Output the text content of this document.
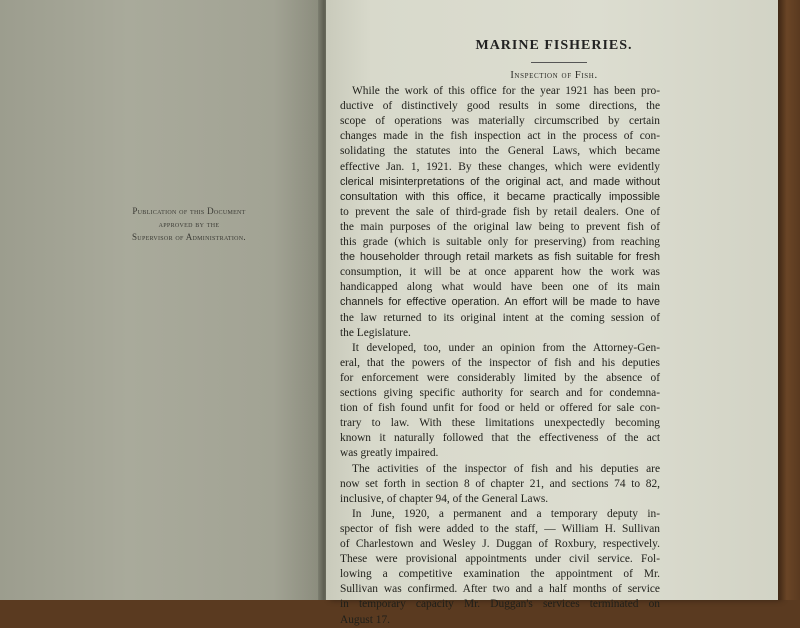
Publication of this Document
approved by the
Supervisor of Administration.
MARINE FISHERIES.
Inspection of Fish.
While the work of this office for the year 1921 has been pro-
ductive of distinctively good results in some directions, the
scope of operations was materially circumscribed by certain
changes made in the fish inspection act in the process of con-
solidating the statutes into the General Laws, which became
effective Jan. 1, 1921. By these changes, which were evidently
clerical misinterpretations of the original act, and made without
consultation with this office, it became practically impossible
to prevent the sale of third-grade fish by retail dealers. One of
the main purposes of the original law being to prevent fish of
this grade (which is suitable only for preserving) from reaching
the householder through retail markets as fish suitable for fresh
consumption, it will be at once apparent how the work was
handicapped along what would have been one of its main
channels for effective operation. An effort will be made to have
the law returned to its original intent at the coming session of
the Legislature.
It developed, too, under an opinion from the Attorney-Gen-
eral, that the powers of the inspector of fish and his deputies
for enforcement were considerably limited by the absence of
sections giving specific authority for search and for condemna-
tion of fish found unfit for food or held or offered for sale con-
trary to law. With these limitations unexpectedly becoming
known it naturally followed that the effectiveness of the act
was greatly impaired.
The activities of the inspector of fish and his deputies are
now set forth in section 8 of chapter 21, and sections 74 to 82,
inclusive, of chapter 94, of the General Laws.
In June, 1920, a permanent and a temporary deputy in-
spector of fish were added to the staff, — William H. Sullivan
of Charlestown and Wesley J. Duggan of Roxbury, respectively.
These were provisional appointments under civil service. Fol-
lowing a competitive examination the appointment of Mr.
Sullivan was confirmed. After two and a half months of service
in temporary capacity Mr. Duggan's services terminated on
August 17.
